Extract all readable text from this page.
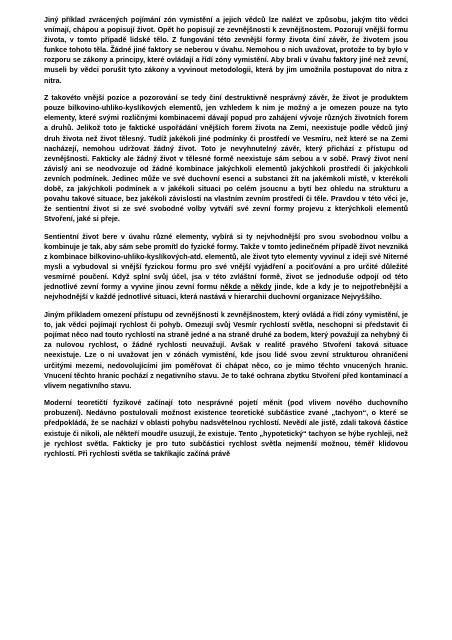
Jiný příklad zvrácených pojímání zón vymistění a jejich vědců lze nalézt ve způsobu, jakým tito vědci vnímají, chápou a popisují život. Opět ho popisují ze zevnějšnosti k zevnějšnostem. Pozorují vnější formu života, v tomto případě lidské tělo. Z fungování této zevnější formy života činí závěr, že životem jsou funkce tohoto těla. Žádné jiné faktory se neberou v úvahu. Nemohou o nich uvažovat, protože to by bylo v rozporu se zákony a principy, které ovládají a řídí zóny vymistění. Aby brali v úvahu faktory jiné než zevní, museli by vědci porušit tyto zákony a vyvinout metodologii, která by jim umožnila postupovat do nitra z nitra.

Z takovéto vnější pozice a pozorování se tedy činí destruktivně nesprávný závěr, že život je produktem pouze bilkovino-uhliko-kyslíkových elementů, jen vzhledem k nim je možný a je omezen pouze na tyto elementy, které svými rozličnými kombinacemi dávají popud pro zahájení vývoje různých životních forem a druhů. Jelikož toto je faktické uspořádání vnějších forem života na Zemi, neexistuje podle vědců jiný druh života než život tělesný. Tudíž jakékoli jiné podmínky či prostředí ve Vesmíru, než které se na Zemi nacházejí, nemohou udržovat žádný život. Toto je nevyhnutelný závěr, který přichází z přístupu od zevnějšnosti. Fakticky ale žádný život v tělesné formě neexistuje sám sebou a v sobě. Pravý život není závislý ani se neodvozuje od žádné kombinace jakýchkoli elementů jakýchkoli prostředí či jakýchkoli zevních podmínek. Jedinec může ve své duchovní esenci a substanci žít na jakémkoli místě, v kterékoli době, za jakýchkoli podmínek a v jakékoli situaci po celém jsoucnu a bytí bez ohledu na strukturu a povahu takové situace, bez jakékoli závislosti na vlastním zevním prostředí či těle. Pravdou v této věci je, že sentientní život si ze své svobodné volby vytváří své zevní formy projevu z kterýchkoli elementů Stvoření, jaké si přeje.

Sentientní život bere v úvahu různé elementy, vybírá si ty nejvhodnější pro svou svobodnou volbu a kombinuje je tak, aby sám sebe promítl do fyzické formy. Takže v tomto jedinečném případě život nevzniká z kombinace bilkovino-uhliko-kyslíkových-atd. elementů, ale život tyto elementy vyvinul z ideji své Niterné mysli a vybudoval si vnější fyzickou formu pro své vnější vyjádření a pociťování a pro určité důležité vesmírné poučení. Když splní svůj účel, jsa v této zvláštní formě, život se jednoduše odpojí od této jednotlivé zevní formy a vyvine jinou zevní formu někde a někdy jinde, kde a kdy je to nejpotřebnější a nejvhodnější v každé jednotlivé situaci, která nastává v hierarchii duchovní organizace Nejvyššího.

Jiným příkladem omezení přístupu od zevnějšnosti k zevnějšnostem, který ovládá a řídí zóny vymistění, je to, jak vědci pojímají rychlost či pohyb. Omezují svůj Vesmír rychlostí světla, neschopni si představit či pojímat něco nad touto rychlostí na straně jedné a na straně druhé za bodem, který považují za nehybný či za nulovou rychlost, o žádné rychlosti neuvažují. Avšak v realitě pravého Stvoření taková situace neexistuje. Lze o ni uvažovat jen v zónách vymistění, kde jsou lidé svou zevní strukturou ohraničeni určitými mezemi, nedovolujícími jim poměřovat či chápat něco, co je mimo těchto vnucených hranic. Vnucení těchto hranic pochází z negativního stavu. Je to také ochrana zbytku Stvoření před kontaminací a vlivem negativního stavu.

Moderní teoretičtí fyzikové začínají toto nesprávné pojetí měnit (pod vlivem nového duchovního probuzení). Nedávno postulovali možnost existence teoretické subčástice zvané „tachyon“, o které se předpokládá, že se nachází v oblasti pohybu nadsvětelnou rychlostí. Nevědí ale jistě, zdali taková částice existuje či nikoli, ale někteří moudře usuzují, že existuje. Tento „hypotetický“ tachyon se hýbe rychleji, než je rychlost světla. Fakticky je pro tuto subčástici rychlost světla nejmenší možnou, téměř klidovou rychlostí. Při rychlosti světla se takříkajíc začíná právě
